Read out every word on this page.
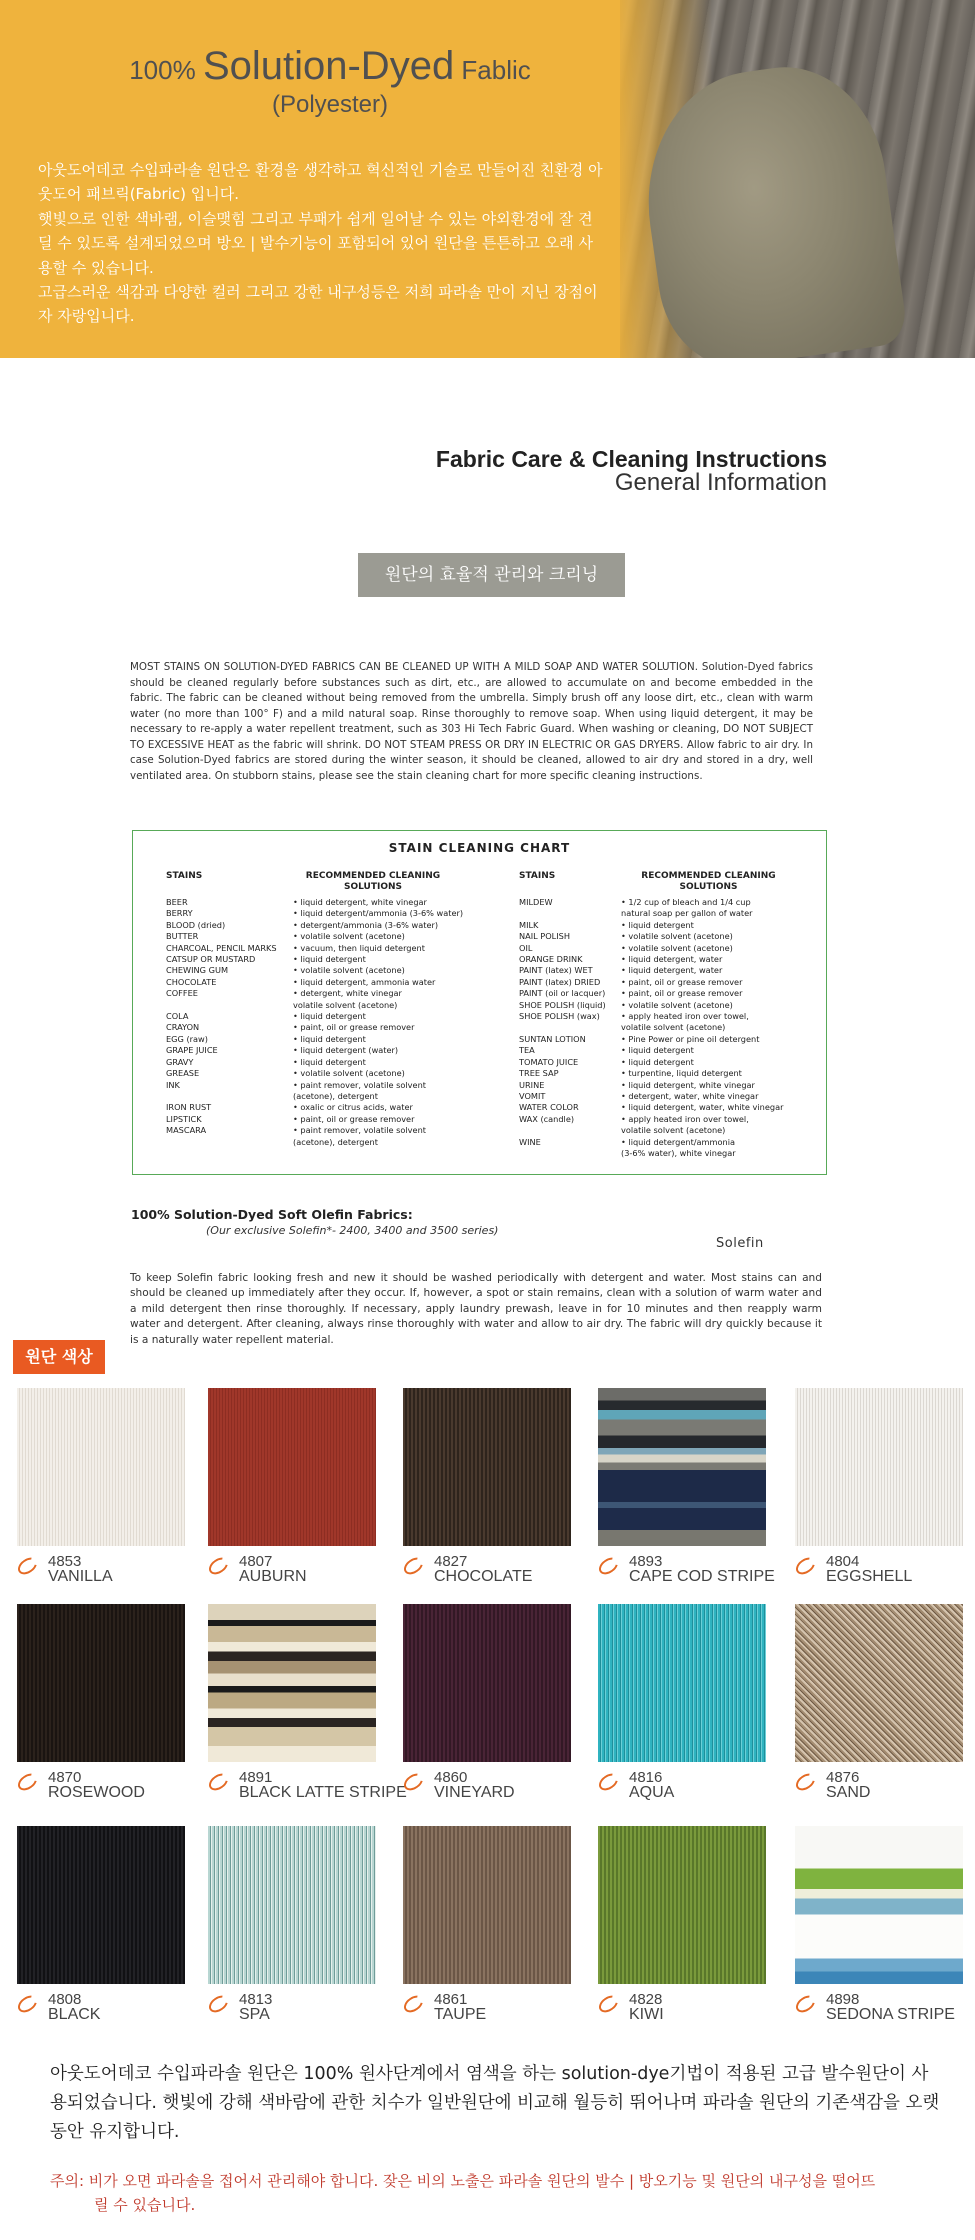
100% Solution-Dyed Fablic
(Polyester)

아웃도어데코 수입파라솔 원단은 환경을 생각하고 혁신적인 기술로 만들어진 친환경 아웃도어 패브릭(Fabric) 입니다.

햇빛으로 인한 색바램, 이슬맺힘 그리고 부패가 쉽게 일어날 수 있는 야외환경에 잘 견딜 수 있도록 설계되었으며 방오 | 발수기능이 포함되어 있어 원단을 튼튼하고 오래 사용할 수 있습니다.

고급스러운 색감과 다양한 컬러 그리고 강한 내구성등은 저희 파라솔 만이 지닌 장점이자 자랑입니다.

Fabric Care & Cleaning Instructions
General Information
원단의 효율적 관리와 크리닝
MOST STAINS ON SOLUTION-DYED FABRICS CAN BE CLEANED UP WITH A MILD SOAP AND WATER SOLUTION. Solution-Dyed fabrics should be cleaned regularly before substances such as dirt, etc., are allowed to accumulate on and become embedded in the fabric. The fabric can be cleaned without being removed from the umbrella. Simply brush off any loose dirt, etc., clean with warm water (no more than 100° F) and a mild natural soap. Rinse thoroughly to remove soap. When using liquid detergent, it may be necessary to re-apply a water repellent treatment, such as 303 Hi Tech Fabric Guard. When washing or cleaning, DO NOT SUBJECT TO EXCESSIVE HEAT as the fabric will shrink. DO NOT STEAM PRESS OR DRY IN ELECTRIC OR GAS DRYERS. Allow fabric to air dry. In case Solution-Dyed fabrics are stored during the winter season, it should be cleaned, allowed to air dry and stored in a dry, well ventilated area. On stubborn stains, please see the stain cleaning chart for more specific cleaning instructions.
STAIN CLEANING CHART
STAINS
BEER
BERRY
BLOOD (dried)
BUTTER
CHARCOAL, PENCIL MARKS
CATSUP OR MUSTARD
CHEWING GUM
CHOCOLATE
COFFEE

COLA
CRAYON
EGG (raw)
GRAPE JUICE
GRAVY
GREASE
INK

IRON RUST
LIPSTICK
MASCARA

RECOMMENDED CLEANING SOLUTIONS
• liquid detergent, white vinegar
• liquid detergent/ammonia (3-6% water)
• detergent/ammonia (3-6% water)
• volatile solvent (acetone)
• vacuum, then liquid detergent
• liquid detergent
• volatile solvent (acetone)
• liquid detergent, ammonia water
• detergent, white vinegar
volatile solvent (acetone)
• liquid detergent
• paint, oil or grease remover
• liquid detergent
• liquid detergent (water)
• liquid detergent
• volatile solvent (acetone)
• paint remover, volatile solvent
(acetone), detergent
• oxalic or citrus acids, water
• paint, oil or grease remover
• paint remover, volatile solvent
(acetone), detergent

STAINS
MILDEW

MILK
NAIL POLISH
OIL
ORANGE DRINK
PAINT (latex) WET
PAINT (latex) DRIED
PAINT (oil or lacquer)
SHOE POLISH (liquid)
SHOE POLISH (wax)

SUNTAN LOTION
TEA
TOMATO JUICE
TREE SAP
URINE
VOMIT
WATER COLOR
WAX (candle)

WINE

RECOMMENDED CLEANING SOLUTIONS
• 1/2 cup of bleach and 1/4 cup
natural soap per gallon of water
• liquid detergent
• volatile solvent (acetone)
• volatile solvent (acetone)
• liquid detergent, water
• liquid detergent, water
• paint, oil or grease remover
• paint, oil or grease remover
• volatile solvent (acetone)
• apply heated iron over towel,
volatile solvent (acetone)
• Pine Power or pine oil detergent
• liquid detergent
• liquid detergent
• turpentine, liquid detergent
• liquid detergent, white vinegar
• detergent, water, white vinegar
• liquid detergent, water, white vinegar
• apply heated iron over towel,
volatile solvent (acetone)
• liquid detergent/ammonia
(3-6% water), white vinegar
100% Solution-Dyed Soft Olefin Fabrics:
(Our exclusive Solefin*- 2400, 3400 and 3500 series)
Solefin
To keep Solefin fabric looking fresh and new it should be washed periodically with detergent and water. Most stains can and should be cleaned up immediately after they occur. If, however, a spot or stain remains, clean with a solution of warm water and a mild detergent then rinse thoroughly. If necessary, apply laundry prewash, leave in for 10 minutes and then reapply warm water and detergent. After cleaning, always rinse thoroughly with water and allow to air dry. The fabric will dry quickly because it is a naturally water repellent material.
원단 색상
4853
VANILLA
4807
AUBURN
4827
CHOCOLATE
4893
CAPE COD STRIPE
4804
EGGSHELL
4870
ROSEWOOD
4891
BLACK LATTE STRIPE
4860
VINEYARD
4816
AQUA
4876
SAND
4808
BLACK
4813
SPA
4861
TAUPE
4828
KIWI
4898
SEDONA STRIPE
아웃도어데코 수입파라솔 원단은 100% 원사단계에서 염색을 하는 solution-dye기법이 적용된 고급 발수원단이 사용되었습니다. 햇빛에 강해 색바람에 관한 치수가 일반원단에 비교해 월등히 뛰어나며 파라솔 원단의 기존색감을 오랫동안 유지합니다.
주의: 비가 오면 파라솔을 접어서 관리해야 합니다. 잦은 비의 노출은 파라솔 원단의 발수 | 방오기능 및 원단의 내구성을 떨어뜨
릴 수 있습니다.
